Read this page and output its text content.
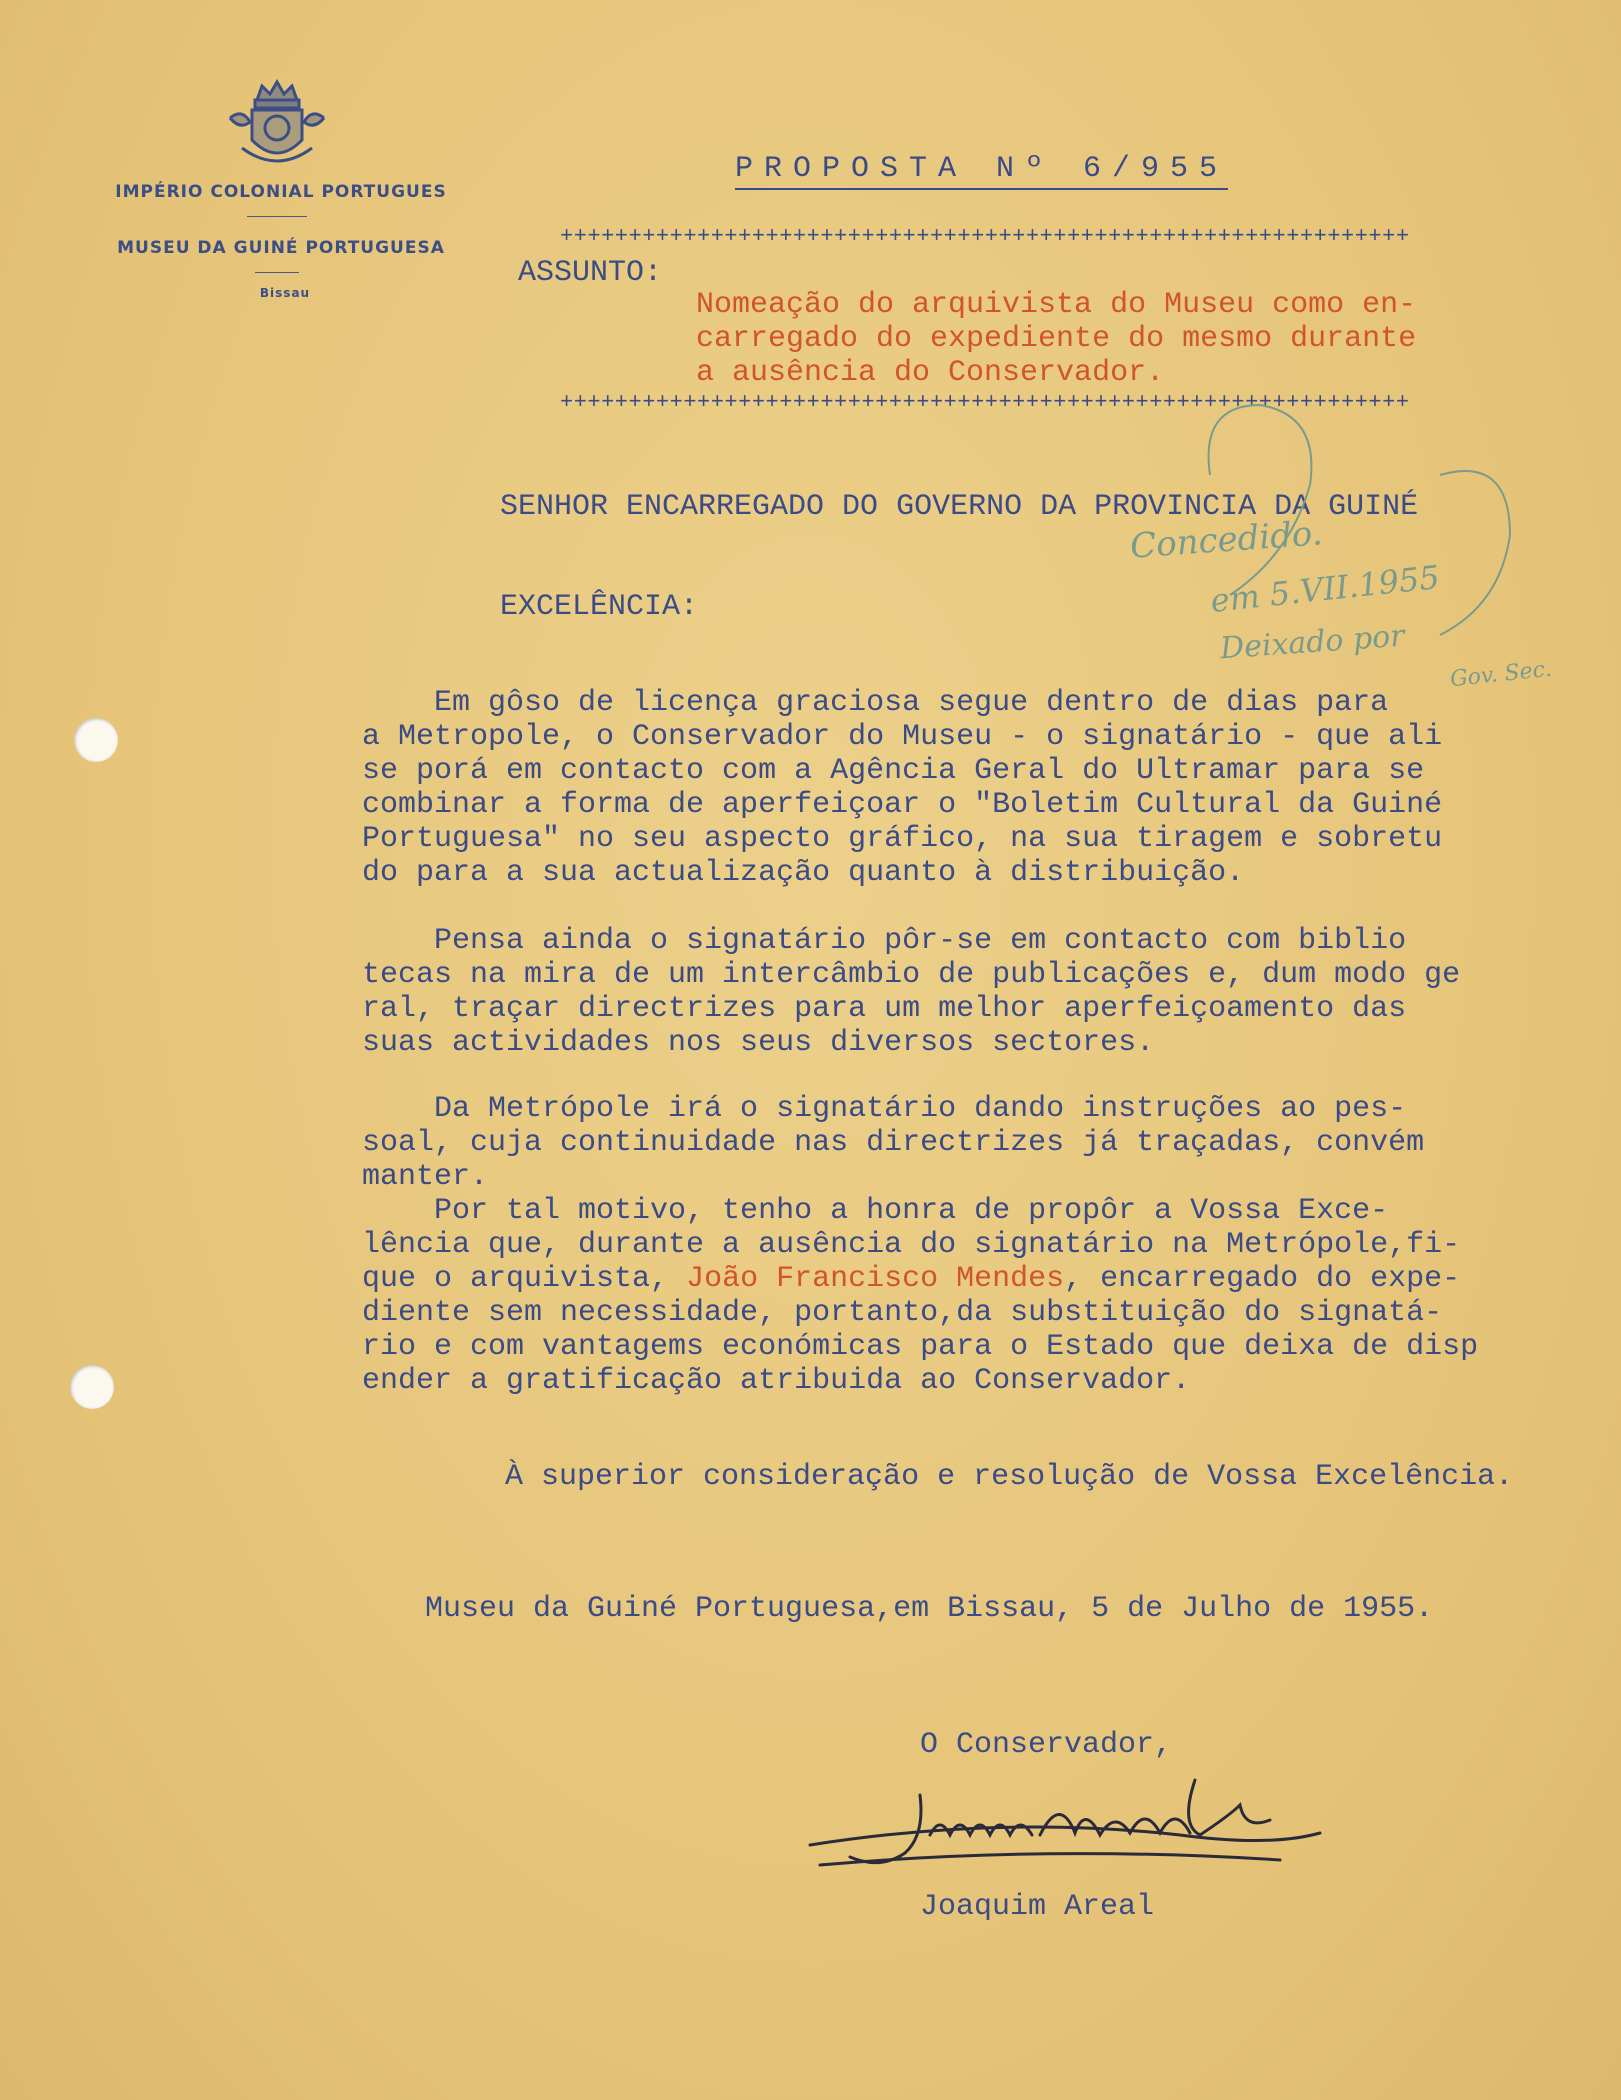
IMPÉRIO COLONIAL PORTUGUES
MUSEU DA GUINÉ PORTUGUESA
Bissau
PROPOSTA Nº 6/955
++++++++++++++++++++++++++++++++++++++++++++++++++++++++++++++
ASSUNTO:
Nomeação do arquivista do Museu como en-
carregado do expediente do mesmo durante
a ausência do Conservador.
++++++++++++++++++++++++++++++++++++++++++++++++++++++++++++++
SENHOR ENCARREGADO DO GOVERNO DA PROVINCIA DA GUINÉ
EXCELÊNCIA:
Concedido.
em 5.VII.1955
Deixado por
Gov. Sec.
Em gôso de licença graciosa segue dentro de dias para
a Metropole, o Conservador do Museu - o signatário - que ali
se porá em contacto com a Agência Geral do Ultramar para se
combinar a forma de aperfeiçoar o "Boletim Cultural da Guiné
Portuguesa" no seu aspecto gráfico, na sua tiragem e sobretu
do para a sua actualização quanto à distribuição.
Pensa ainda o signatário pôr-se em contacto com biblio
tecas na mira de um intercâmbio de publicações e, dum modo ge
ral, traçar directrizes para um melhor aperfeiçoamento das
suas actividades nos seus diversos sectores.
Da Metrópole irá o signatário dando instruções ao pes-
soal, cuja continuidade nas directrizes já traçadas, convém
manter.
Por tal motivo, tenho a honra de propôr a Vossa Exce-
lência que, durante a ausência do signatário na Metrópole,fi-
que o arquivista, João Francisco Mendes, encarregado do expe-
diente sem necessidade, portanto,da substituição do signatá-
rio e com vantagems económicas para o Estado que deixa de disp
ender a gratificação atribuida ao Conservador.
À superior consideração e resolução de Vossa Excelência.
Museu da Guiné Portuguesa,em Bissau, 5 de Julho de 1955.
O Conservador,
Joaquim Areal
